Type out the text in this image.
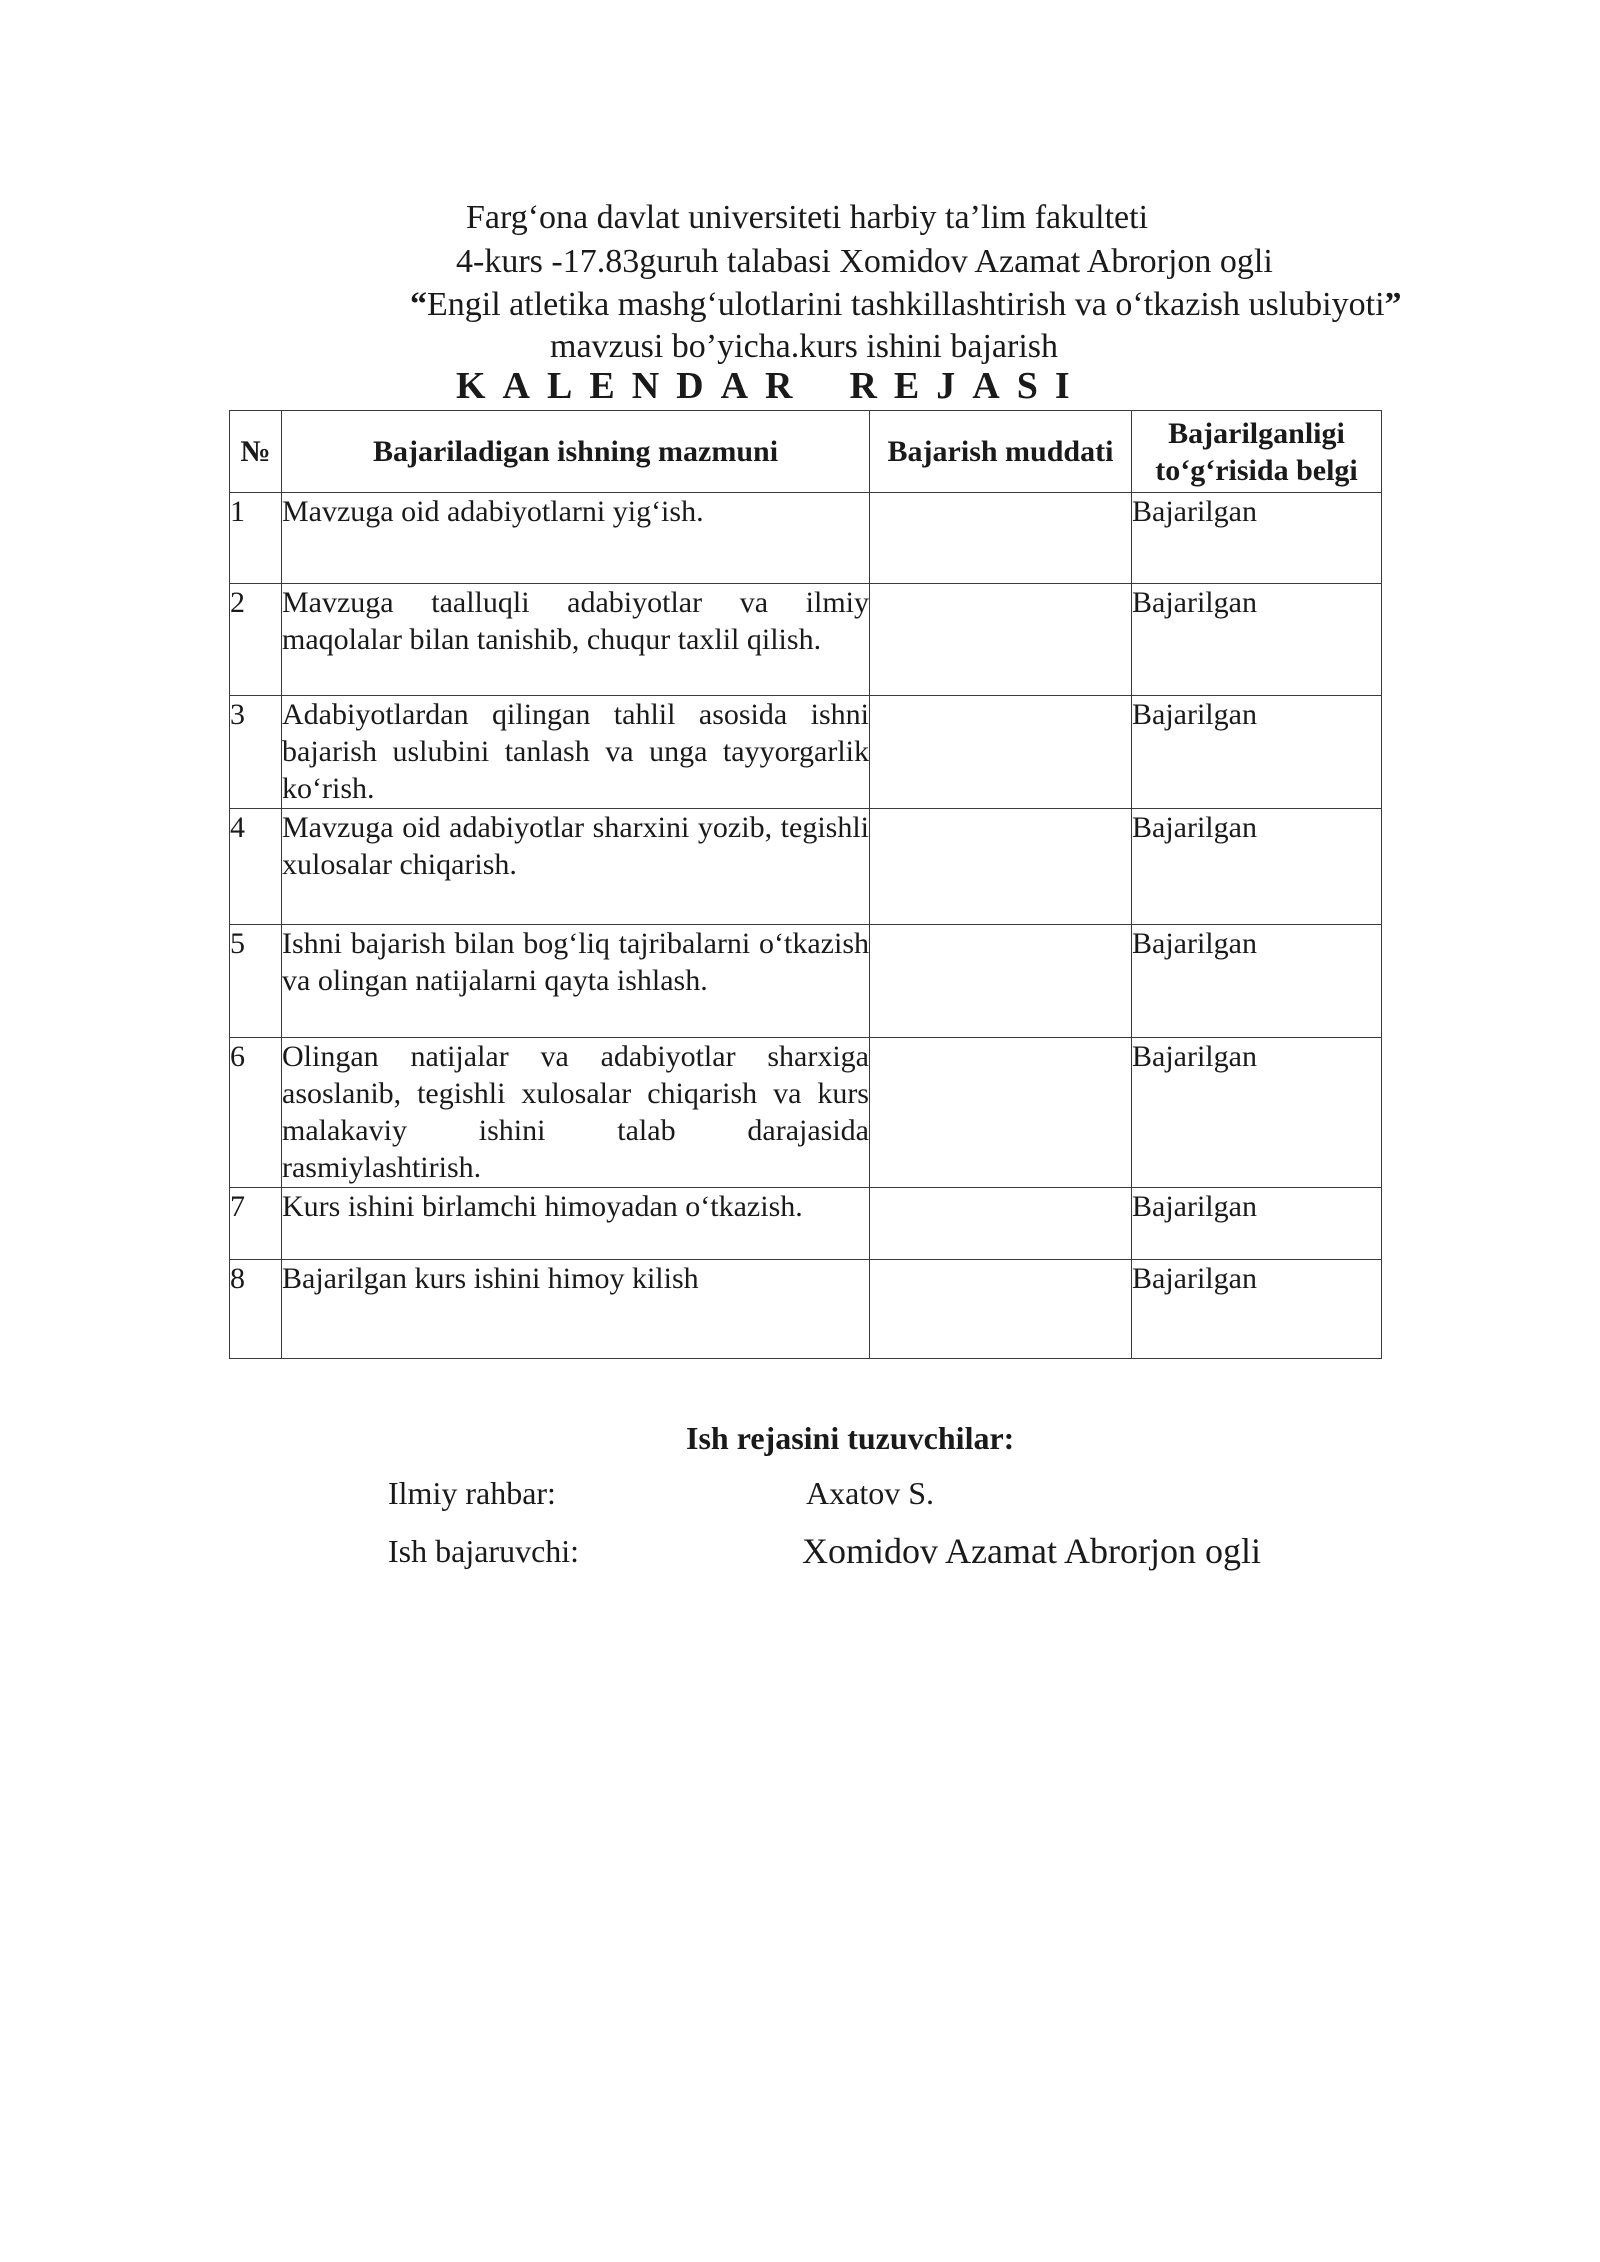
Farg‘ona davlat universiteti harbiy ta’lim fakulteti
4-kurs -17.83guruh talabasi Xomidov Azamat Abrorjon ogli
“Engil atletika mashg‘ulotlarini tashkillashtirish va o‘tkazish uslubiyoti”
mavzusi bo’yicha.kurs ishini bajarish
KALENDAR REJASI
№	Bajariladigan ishning mazmuni	Bajarish muddati	Bajarilganligi to‘g‘risida belgi
1	Mavzuga oid adabiyotlarni yig‘ish.		Bajarilgan
2	Mavzuga taalluqli adabiyotlar va ilmiy maqolalar bilan tanishib, chuqur taxlil qilish.		Bajarilgan
3	Adabiyotlardan qilingan tahlil asosida ishni bajarish uslubini tanlash va unga tayyorgarlik ko‘rish.		Bajarilgan
4	Mavzuga oid adabiyotlar sharxini yozib, tegishli xulosalar chiqarish.		Bajarilgan
5	Ishni bajarish bilan bog‘liq tajribalarni o‘tkazish va olingan natijalarni qayta ishlash.		Bajarilgan
6	Olingan natijalar va adabiyotlar sharxiga asoslanib, tegishli xulosalar chiqarish va kurs malakaviy ishini talab darajasida rasmiylashtirish.		Bajarilgan
7	Kurs ishini birlamchi himoyadan o‘tkazish.		Bajarilgan
8	Bajarilgan kurs ishini himoy kilish		Bajarilgan
Ish rejasini tuzuvchilar:
Ilmiy rahbar:	Axatov S.
Ish bajaruvchi:	Xomidov Azamat Abrorjon ogli
